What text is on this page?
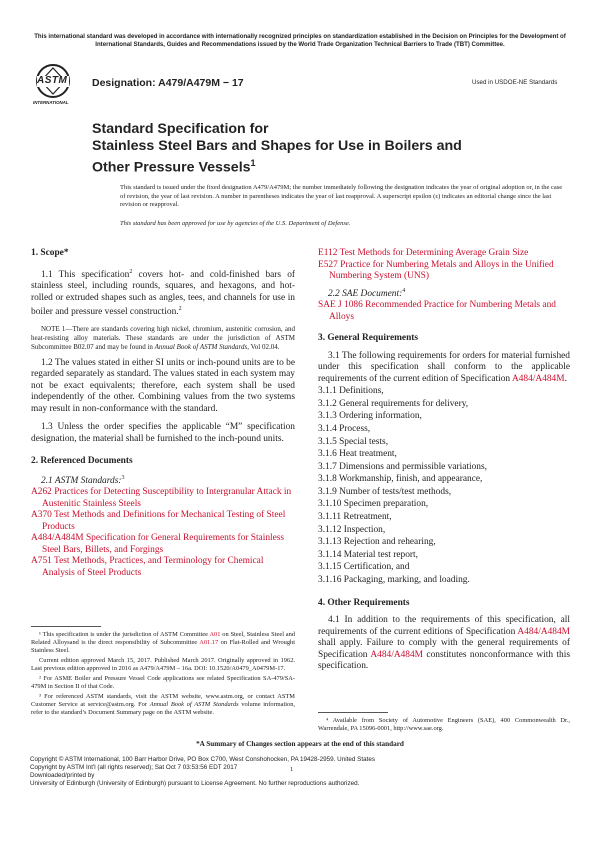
This international standard was developed in accordance with internationally recognized principles on standardization established in the Decision on Principles for the Development of International Standards, Guides and Recommendations issued by the World Trade Organization Technical Barriers to Trade (TBT) Committee.
ASTM
INTERNATIONAL
Designation: A479/A479M − 17	Used in USDOE-NE Standards
Standard Specification for
Stainless Steel Bars and Shapes for Use in Boilers and
Other Pressure Vessels$^1$
This standard is issued under the fixed designation A479/A479M; the number immediately following the designation indicates the year of original adoption or, in the case of revision, the year of last revision. A number in parentheses indicates the year of last reapproval. A superscript epsilon (ε) indicates an editorial change since the last revision or reapproval.
This standard has been approved for use by agencies of the U.S. Department of Defense.

1. Scope*

1.1 This specification$^2$ covers hot- and cold-finished bars of stainless steel, including rounds, squares, and hexagons, and hot-rolled or extruded shapes such as angles, tees, and channels for use in boiler and pressure vessel construction.$^2$

NOTE 1—There are standards covering high nickel, chromium, austenitic corrosion, and heat-resisting alloy materials. These standards are under the jurisdiction of ASTM Subcommittee B02.07 and may be found in Annual Book of ASTM Standards, Vol 02.04.

1.2 The values stated in either SI units or inch-pound units are to be regarded separately as standard. The values stated in each system may not be exact equivalents; therefore, each system shall be used independently of the other. Combining values from the two systems may result in non-conformance with the standard.

1.3 Unless the order specifies the applicable “M” specification designation, the material shall be furnished to the inch-pound units.

2. Referenced Documents

2.1 ASTM Standards:$^3$

A262 Practices for Detecting Susceptibility to Intergranular Attack in Austenitic Stainless Steels

A370 Test Methods and Definitions for Mechanical Testing of Steel Products

A484/A484M Specification for General Requirements for Stainless Steel Bars, Billets, and Forgings

A751 Test Methods, Practices, and Terminology for Chemical Analysis of Steel Products

¹ This specification is under the jurisdiction of ASTM Committee A01 on Steel, Stainless Steel and Related Alloysand is the direct responsibility of Subcommittee A01.17 on Flat-Rolled and Wrought Stainless Steel.

Current edition approved March 15, 2017. Published March 2017. Originally approved in 1962. Last previous edition approved in 2016 as A479/A479M – 16a. DOI: 10.1520/A0479_A0479M-17.

² For ASME Boiler and Pressure Vessel Code applications see related Specification SA-479/SA-479M in Section II of that Code.

³ For referenced ASTM standards, visit the ASTM website, www.astm.org, or contact ASTM Customer Service at service@astm.org. For Annual Book of ASTM Standards volume information, refer to the standard’s Document Summary page on the ASTM website.

E112 Test Methods for Determining Average Grain Size

E527 Practice for Numbering Metals and Alloys in the Unified Numbering System (UNS)

2.2 SAE Document:$^4$

SAE J 1086 Recommended Practice for Numbering Metals and Alloys

3. General Requirements

3.1 The following requirements for orders for material furnished under this specification shall conform to the applicable requirements of the current edition of Specification A484/A484M.

3.1.1 Definitions,

3.1.2 General requirements for delivery,

3.1.3 Ordering information,

3.1.4 Process,

3.1.5 Special tests,

3.1.6 Heat treatment,

3.1.7 Dimensions and permissible variations,

3.1.8 Workmanship, finish, and appearance,

3.1.9 Number of tests/test methods,

3.1.10 Specimen preparation,

3.1.11 Retreatment,

3.1.12 Inspection,

3.1.13 Rejection and rehearing,

3.1.14 Material test report,

3.1.15 Certification, and

3.1.16 Packaging, marking, and loading.

4. Other Requirements

4.1 In addition to the requirements of this specification, all requirements of the current editions of Specification A484/A484M shall apply. Failure to comply with the general requirements of Specification A484/A484M constitutes nonconformance with this specification.

⁴ Available from Society of Automotive Engineers (SAE), 400 Commonwealth Dr., Warrendale, PA 15096-0001, http://www.sae.org.

*A Summary of Changes section appears at the end of this standard
Copyright © ASTM International, 100 Barr Harbor Drive, PO Box C700, West Conshohocken, PA 19428-2959. United States
Copyright by ASTM Int'l (all rights reserved); Sat Oct 7 03:53:56 EDT 2017
Downloaded/printed by
University of Edinburgh (University of Edinburgh) pursuant to License Agreement. No further reproductions authorized.
1
